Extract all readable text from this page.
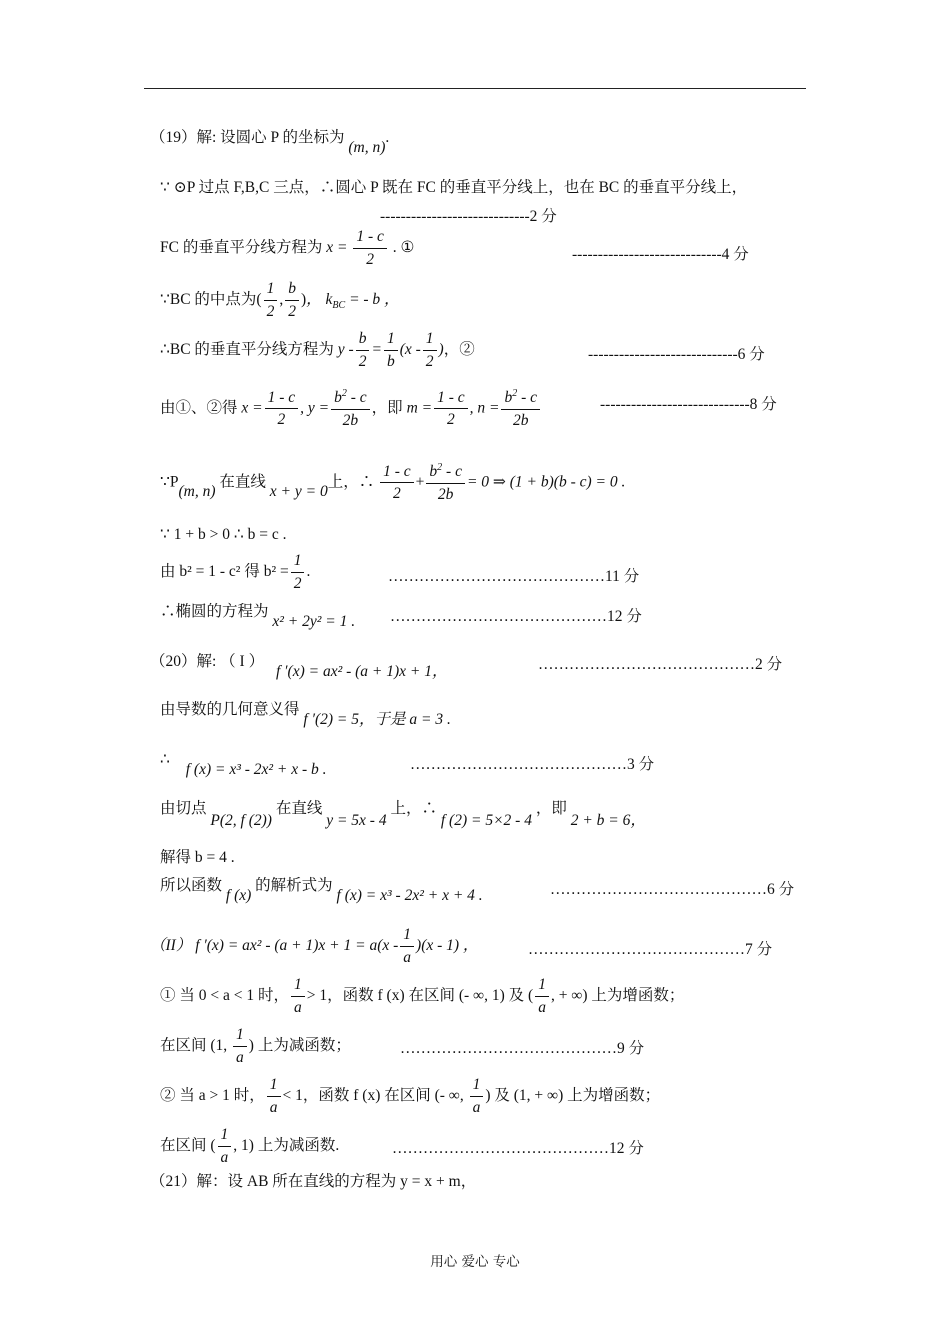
（19）解: 设圆心 P 的坐标为 (m, n).
∵ ⊙P 过点 F,B,C 三点，∴圆心 P 既在 FC 的垂直平分线上，也在 BC 的垂直平分线上，
-----------------------------2 分
FC 的垂直平分线方程为 $x = \frac{1 - c}{2}$ . ①	-----------------------------4 分
∵BC 的中点为( $\frac{1}{2}$ , $\frac{b}{2}$ )， $k_{BC}$ = - b ，
∴BC 的垂直平分线方程为 $y - \frac{b}{2} = \frac{1}{b} (x - \frac{1}{2}$ )，②	-----------------------------6 分
由①、②得 $x = \frac{1 - c}{2}$ , $y = \frac{b^2 - c}{2b}$ ，即 $m = \frac{1 - c}{2}$ , $n = \frac{b^2 - c}{2b}$	-----------------------------8 分
∵P(m, n) 在直线 x + y = 0上，∴ $\frac{1 - c}{2} + \frac{b^2 - c}{2b} = 0$ ⇒ (1 + b)(b - c) = 0 .
∵ 1 + b > 0 ∴ b = c .
由 b² = 1 - c² 得 $b^2 = \frac{1}{2}$ .	……………………………………11 分
∴椭圆的方程为 x² + 2y² = 1 . ……………………………………12 分
（20）解: （ I ） f ′(x) = ax² - (a + 1)x + 1，	……………………………………2 分
由导数的几何意义得 f ′(2) = 5，于是 a = 3 .
∴ f (x) = x³ - 2x² + x - b .	……………………………………3 分
由切点 P(2, f (2)) 在直线 y = 5x - 4 上，∴ f (2) = 5×2 - 4 ，即 2 + b = 6，
解得 b = 4 .
所以函数 f (x) 的解析式为 f (x) = x³ - 2x² + x + 4 .	……………………………………6 分
（II） f $'(x) = ax^2 - (a + 1)x + 1 = a(x - \frac{1}{a} )(x - 1)$ ，	……………………………………7 分
① 当 0 < a < 1 时， $\frac{1}{a} > 1$，函数 f (x) 在区间 (- ∞, 1) 及 ( $\frac{1}{a}$ , + ∞) 上为增函数；
在区间 (1, $\frac{1}{a}$ ) 上为减函数；	……………………………………9 分
② 当 a > 1 时， $\frac{1}{a} < 1$，函数 f (x) 在区间 (- ∞, $\frac{1}{a}$ ) 及 (1, + ∞) 上为增函数；
在区间 ( $\frac{1}{a}$ , 1) 上为减函数.	……………………………………12 分
（21）解：设 AB 所在直线的方程为 y = x + m，
用心 爱心 专心
